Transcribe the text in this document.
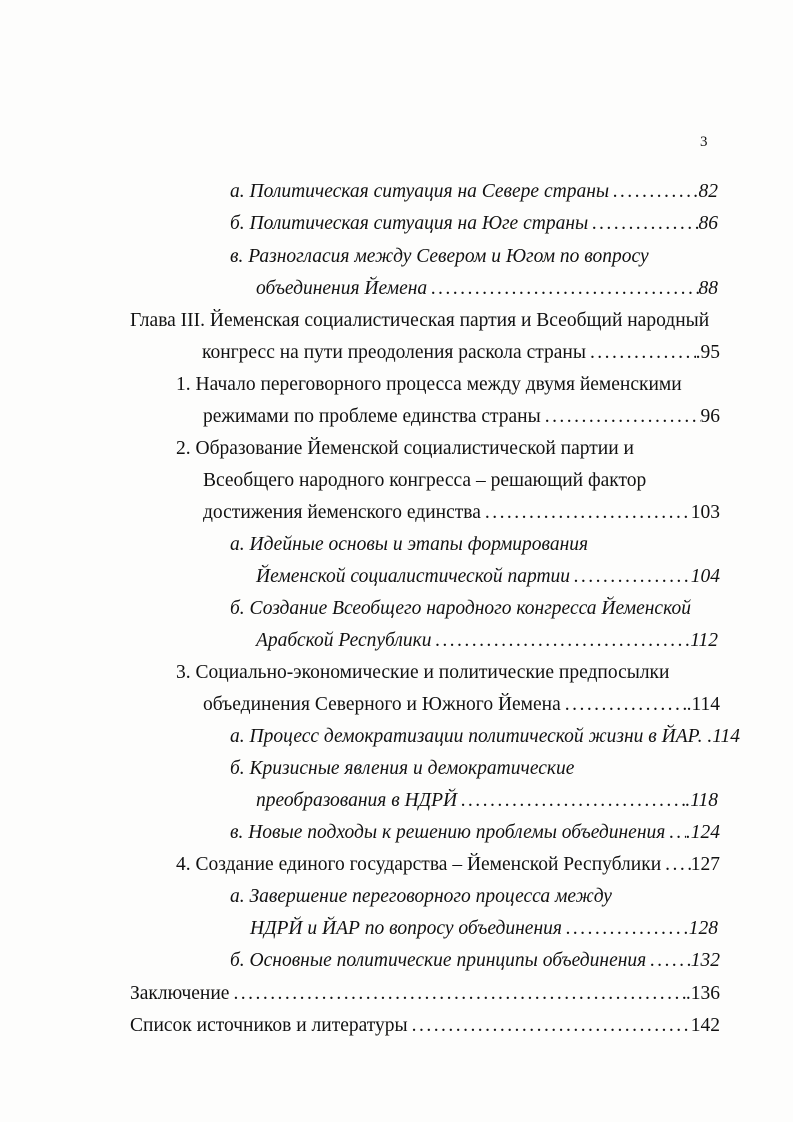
3
а. Политическая ситуация на Севере страны . . .	.82
б. Политическая ситуация на Юге страны . . .	86
в. Разногласия между Севером и Югом по вопросу
объединения Йемена . . .	88
Глава III. Йеменская социалистическая партия и Всеобщий народный
конгресс на пути преодоления раскола страны . . .	.95
1. Начало переговорного процесса между двумя йеменскими
режимами по проблеме единства страны . . .	96
2. Образование Йеменской социалистической партии и
Всеобщего народного конгресса – решающий фактор
достижения йеменского единства . . .	103
а. Идейные основы и этапы формирования
Йеменской социалистической партии . . .	104
б. Создание Всеобщего народного конгресса Йеменской
Арабской Республики . . .	112
3. Социально-экономические и политические предпосылки
объединения Северного и Южного Йемена . . .	.114
а. Процесс демократизации политической жизни в ЙАР. .114
б. Кризисные явления и демократические
преобразования в НДРЙ . . .	.118
в. Новые подходы к решению проблемы объединения . . . .124
4. Создание единого государства – Йеменской Республики . . . 127
а. Завершение переговорного процесса между
НДРЙ и ЙАР по вопросу объединения . . .	.128
б. Основные политические принципы объединения . . . 132
Заключение . . .	.136
Список источников и литературы . . .	142
